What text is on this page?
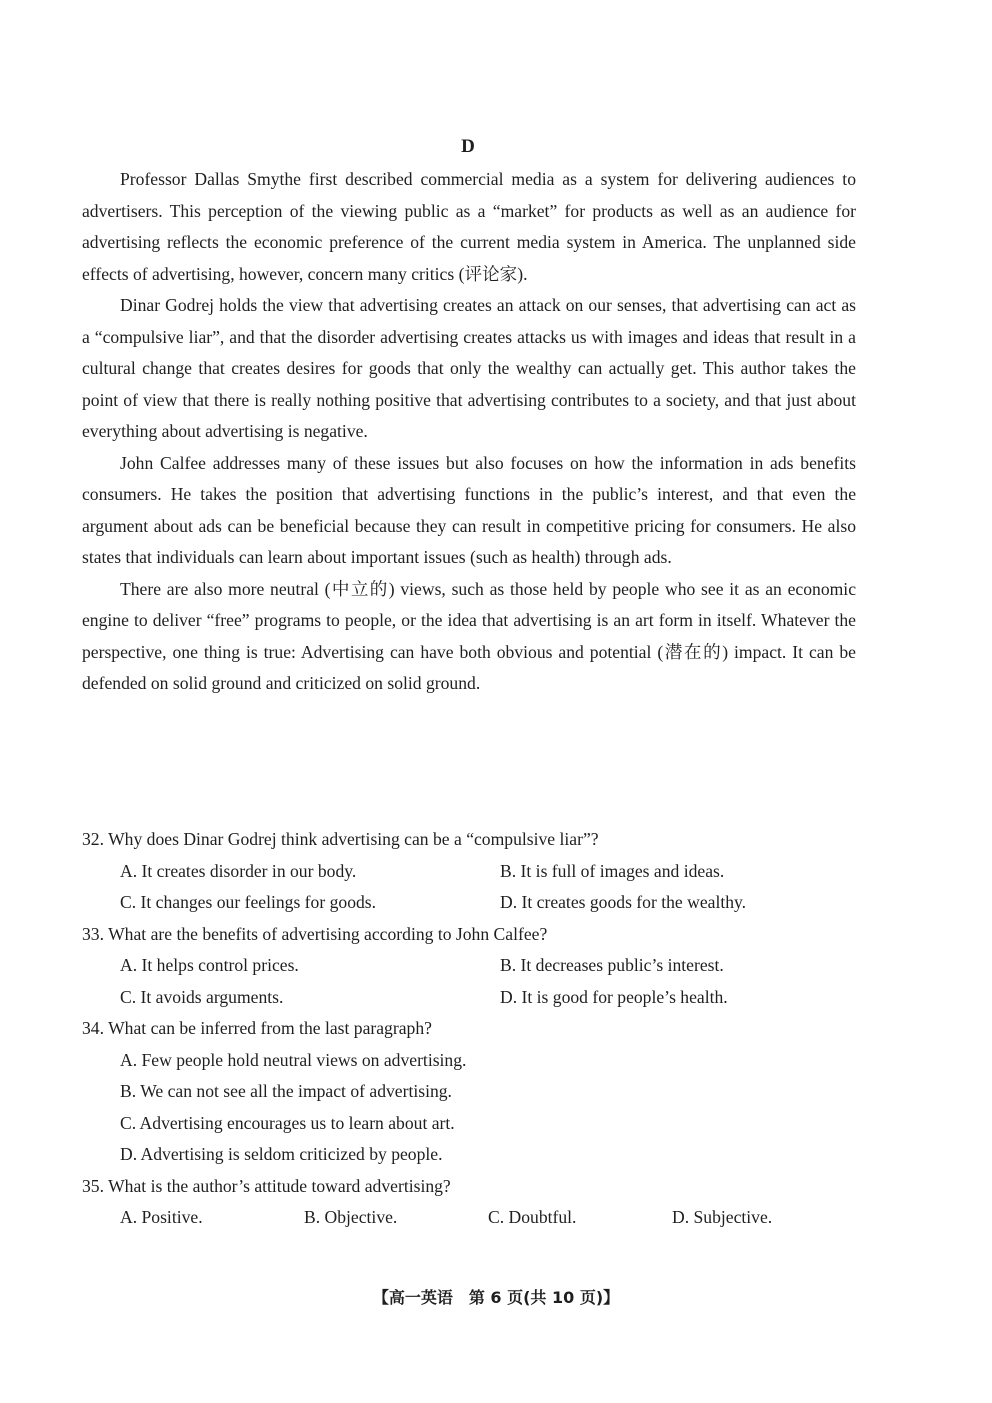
D

Professor Dallas Smythe first described commercial media as a system for delivering audiences to advertisers. This perception of the viewing public as a “market” for products as well as an audience for advertising reflects the economic preference of the current media system in America. The unplanned side effects of advertising, however, concern many critics (评论家).

Dinar Godrej holds the view that advertising creates an attack on our senses, that advertising can act as a “compulsive liar”, and that the disorder advertising creates attacks us with images and ideas that result in a cultural change that creates desires for goods that only the wealthy can actually get. This author takes the point of view that there is really nothing positive that advertising contributes to a society, and that just about everything about advertising is negative.

John Calfee addresses many of these issues but also focuses on how the information in ads benefits consumers. He takes the position that advertising functions in the public’s interest, and that even the argument about ads can be beneficial because they can result in competitive pricing for consumers. He also states that individuals can learn about important issues (such as health) through ads.

There are also more neutral (中立的) views, such as those held by people who see it as an economic engine to deliver “free” programs to people, or the idea that advertising is an art form in itself. Whatever the perspective, one thing is true: Advertising can have both obvious and potential (潜在的) impact. It can be defended on solid ground and criticized on solid ground.

32. Why does Dinar Godrej think advertising can be a “compulsive liar”?
A. It creates disorder in our body.	B. It is full of images and ideas.
C. It changes our feelings for goods.	D. It creates goods for the wealthy.
33. What are the benefits of advertising according to John Calfee?
A. It helps control prices.	B. It decreases public’s interest.
C. It avoids arguments.	D. It is good for people’s health.
34. What can be inferred from the last paragraph?
A. Few people hold neutral views on advertising.
B. We can not see all the impact of advertising.
C. Advertising encourages us to learn about art.
D. Advertising is seldom criticized by people.
35. What is the author’s attitude toward advertising?
A. Positive.	B. Objective.	C. Doubtful.	D. Subjective.
【高一英语　第 6 页(共 10 页)】
